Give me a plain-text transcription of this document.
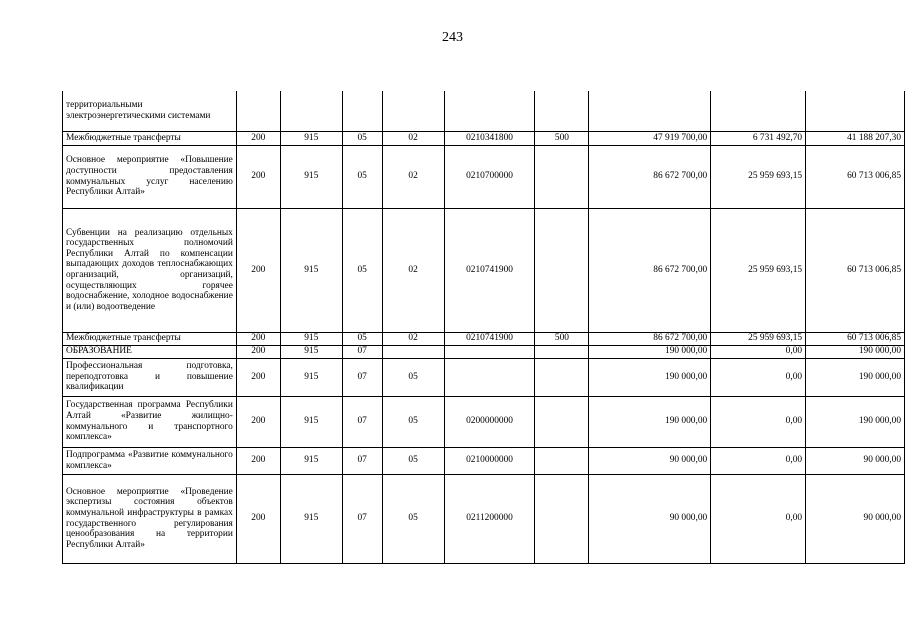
243
территориальными электроэнергетическими системами									
Межбюджетные трансферты	200	915	05	02	0210341800	500	47 919 700,00	6 731 492,70	41 188 207,30
Основное мероприятие «Повышение доступности предоставления коммунальных услуг населению Республики Алтай»	200	915	05	02	0210700000		86 672 700,00	25 959 693,15	60 713 006,85
Субвенции на реализацию отдельных государственных полномочий Республики Алтай по компенсации выпадающих доходов теплоснабжающих организаций, организаций, осуществляющих горячее водоснабжение, холодное водоснабжение и (или) водоотведение	200	915	05	02	0210741900		86 672 700,00	25 959 693,15	60 713 006,85
Межбюджетные трансферты	200	915	05	02	0210741900	500	86 672 700,00	25 959 693,15	60 713 006,85
ОБРАЗОВАНИЕ	200	915	07				190 000,00	0,00	190 000,00
Профессиональная подготовка, переподготовка и повышение квалификации	200	915	07	05			190 000,00	0,00	190 000,00
Государственная программа Республики Алтай «Развитие жилищно-коммунального и транспортного комплекса»	200	915	07	05	0200000000		190 000,00	0,00	190 000,00
Подпрограмма «Развитие коммунального комплекса»	200	915	07	05	0210000000		90 000,00	0,00	90 000,00
Основное мероприятие «Проведение экспертизы состояния объектов коммунальной инфраструктуры в рамках государственного регулирования ценообразования на территории Республики Алтай»	200	915	07	05	0211200000		90 000,00	0,00	90 000,00
